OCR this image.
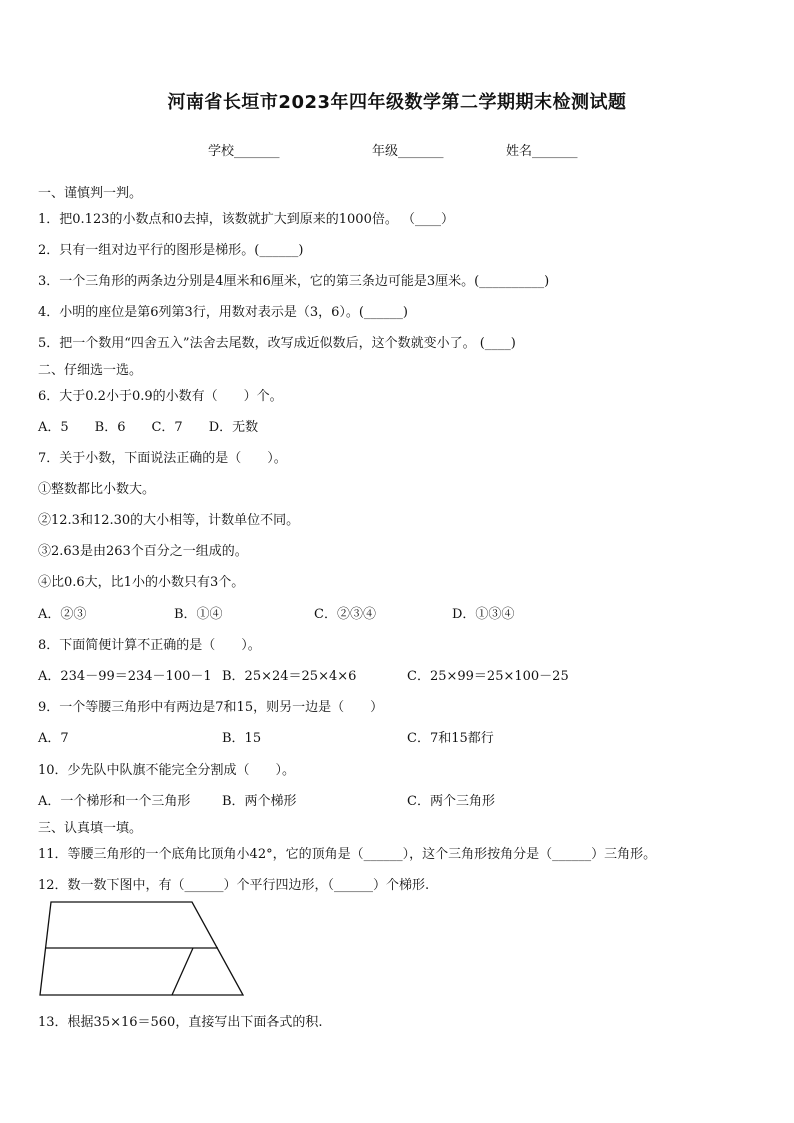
河南省长垣市2023年四年级数学第二学期期末检测试题
学校_______	年级_______	姓名_______
一、谨慎判一判。
1．把0.123的小数点和0去掉，该数就扩大到原来的1000倍。 （____）
2．只有一组对边平行的图形是梯形。(______)
3．一个三角形的两条边分别是4厘米和6厘米，它的第三条边可能是3厘米。(__________)
4．小明的座位是第6列第3行，用数对表示是（3，6）。(______)
5．把一个数用“四舍五入”法舍去尾数，改写成近似数后，这个数就变小了。 (____)
二、仔细选一选。
6．大于0.2小于0.9的小数有（　　）个。
A．5　　B．6　　C．7　　D．无数
7．关于小数，下面说法正确的是（　　）。
①整数都比小数大。
②12.3和12.30的大小相等，计数单位不同。
③2.63是由263个百分之一组成的。
④比0.6大，比1小的小数只有3个。
A．②③	B．①④	C．②③④	D．①③④
8．下面简便计算不正确的是（　　）。
A．234－99＝234－100－1 B．25×24＝25×4×6	C．25×99＝25×100－25
9．一个等腰三角形中有两边是7和15，则另一边是（　　）
A．7	B．15	C．7和15都行
10．少先队中队旗不能完全分割成（　　）。
A．一个梯形和一个三角形 B．两个梯形	C．两个三角形
三、认真填一填。
11．等腰三角形的一个底角比顶角小42°，它的顶角是（______），这个三角形按角分是（______）三角形。
12．数一数下图中，有（______）个平行四边形，（______）个梯形.
13．根据35×16＝560，直接写出下面各式的积.
